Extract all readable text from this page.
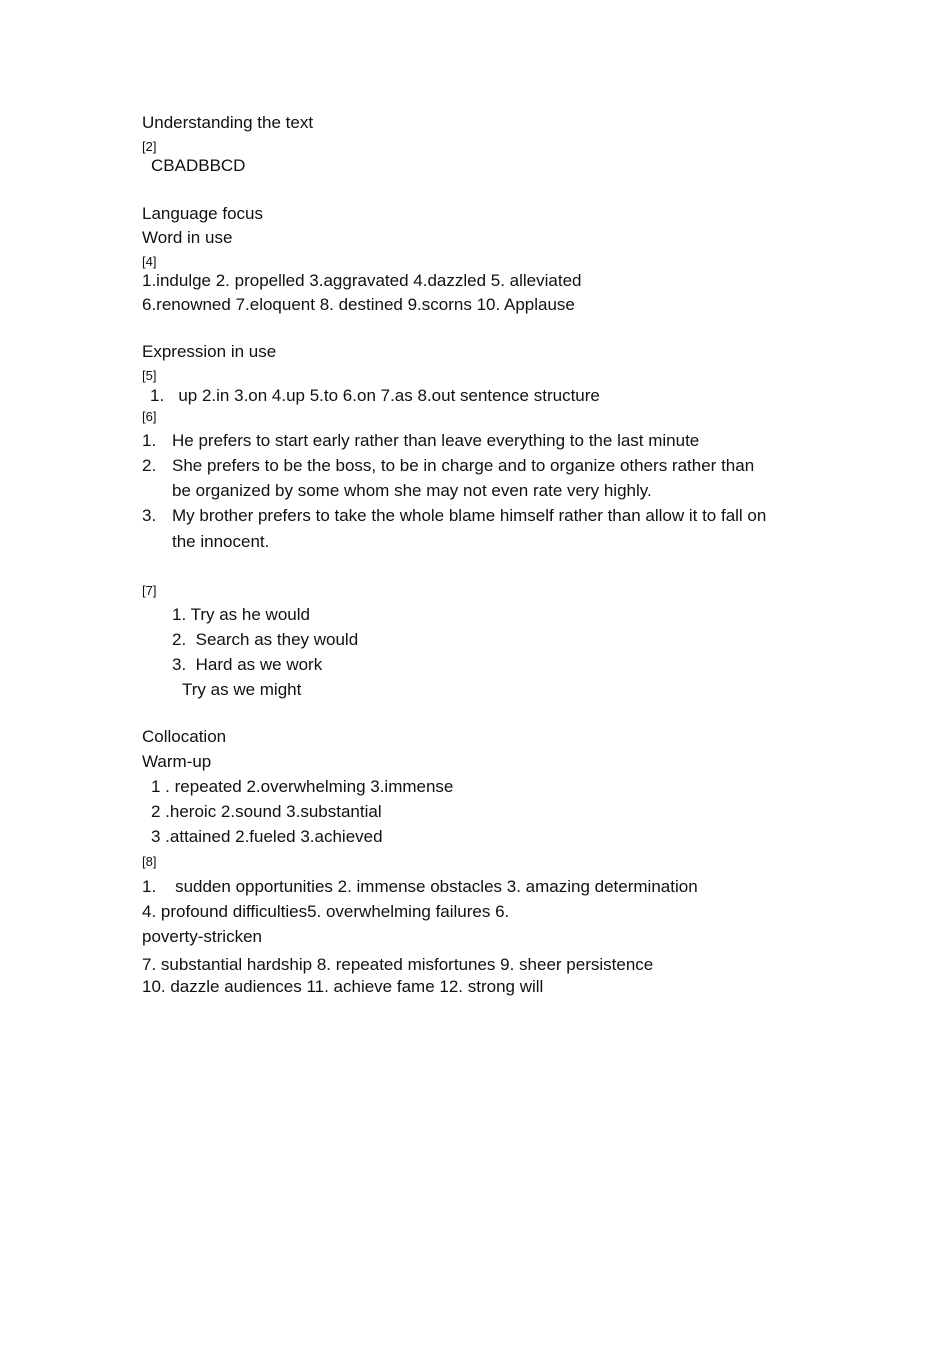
Understanding the text
[2]
CBADBBCD
Language focus
Word in use
[4]
1.indulge 2. propelled 3.aggravated 4.dazzled 5. alleviated
6.renowned 7.eloquent 8. destined 9.scorns 10. Applause
Expression in use
[5]
1.   up 2.in 3.on 4.up 5.to 6.on 7.as 8.out sentence structure
[6]
1. He prefers to start early rather than leave everything to the last minute
2. She prefers to be the boss, to be in charge and to organize others rather than
be organized by some whom she may not even rate very highly.
3. My brother prefers to take the whole blame himself rather than allow it to fall on
the innocent.
[7]
1. Try as he would
2.  Search as they would
3.  Hard as we work
Try as we might
Collocation
Warm-up
1 . repeated 2.overwhelming 3.immense
2 .heroic 2.sound 3.substantial
3 .attained 2.fueled 3.achieved
[8]
1.    sudden opportunities 2. immense obstacles 3. amazing determination
4. profound difficulties5. overwhelming failures 6.
poverty-stricken
7. substantial hardship 8. repeated misfortunes 9. sheer persistence
10. dazzle audiences 11. achieve fame 12. strong will
